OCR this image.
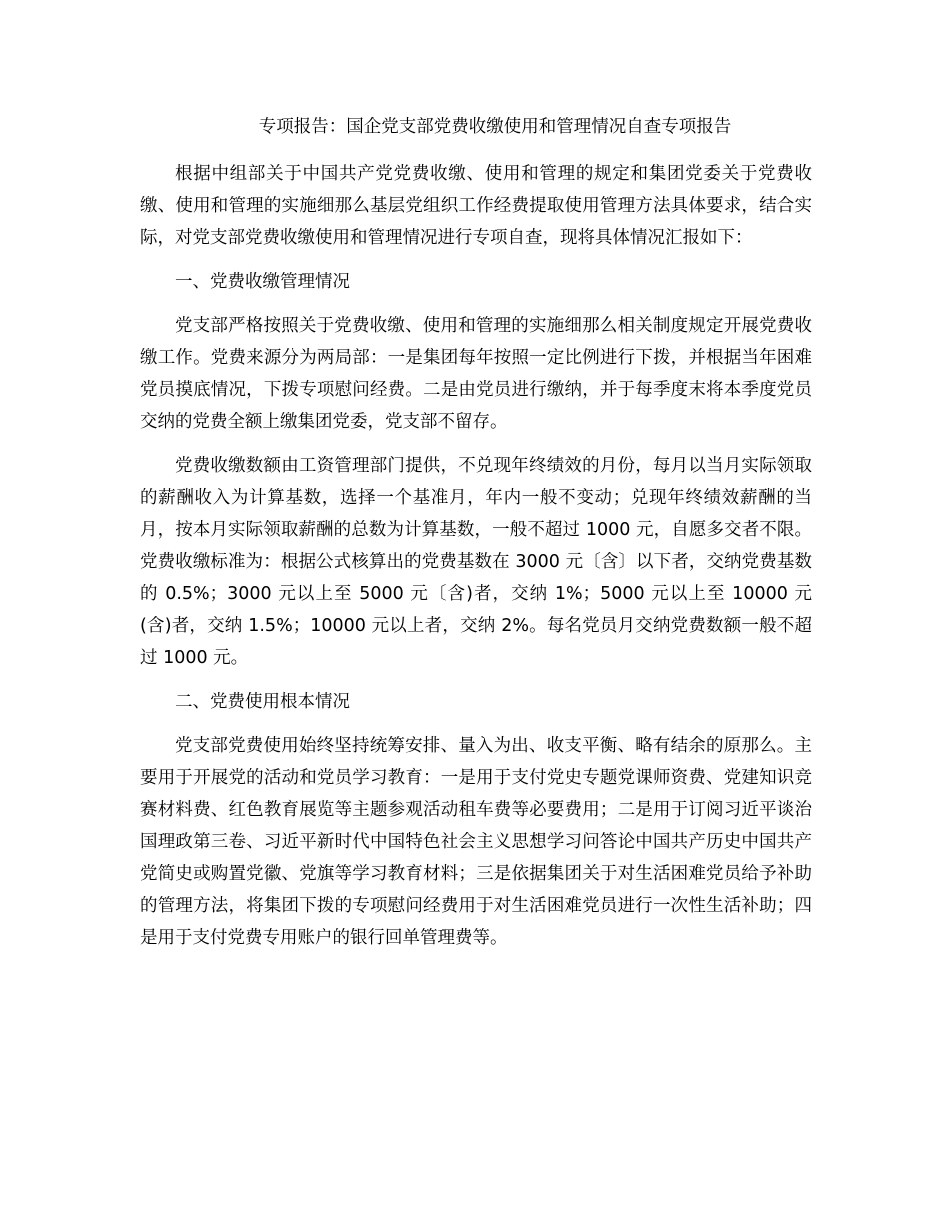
专项报告：国企党支部党费收缴使用和管理情况自查专项报告

根据中组部关于中国共产党党费收缴、使用和管理的规定和集团党委关于党费收缴、使用和管理的实施细那么基层党组织工作经费提取使用管理方法具体要求，结合实际，对党支部党费收缴使用和管理情况进行专项自查，现将具体情况汇报如下：

一、党费收缴管理情况

党支部严格按照关于党费收缴、使用和管理的实施细那么相关制度规定开展党费收缴工作。党费来源分为两局部：一是集团每年按照一定比例进行下拨，并根据当年困难党员摸底情况，下拨专项慰问经费。二是由党员进行缴纳，并于每季度末将本季度党员交纳的党费全额上缴集团党委，党支部不留存。

党费收缴数额由工资管理部门提供，不兑现年终绩效的月份，每月以当月实际领取的薪酬收入为计算基数，选择一个基准月，年内一般不变动；兑现年终绩效薪酬的当月，按本月实际领取薪酬的总数为计算基数，一般不超过 1000 元，自愿多交者不限。党费收缴标准为：根据公式核算出的党费基数在 3000 元〔含〕以下者，交纳党费基数的 0.5%；3000 元以上至 5000 元〔含)者，交纳 1%；5000 元以上至 10000 元(含)者，交纳 1.5%；10000 元以上者，交纳 2%。每名党员月交纳党费数额一般不超过 1000 元。

二、党费使用根本情况

党支部党费使用始终坚持统筹安排、量入为出、收支平衡、略有结余的原那么。主要用于开展党的活动和党员学习教育：一是用于支付党史专题党课师资费、党建知识竞赛材料费、红色教育展览等主题参观活动租车费等必要费用；二是用于订阅习近平谈治国理政第三卷、习近平新时代中国特色社会主义思想学习问答论中国共产历史中国共产党简史或购置党徽、党旗等学习教育材料；三是依据集团关于对生活困难党员给予补助的管理方法，将集团下拨的专项慰问经费用于对生活困难党员进行一次性生活补助；四是用于支付党费专用账户的银行回单管理费等。
